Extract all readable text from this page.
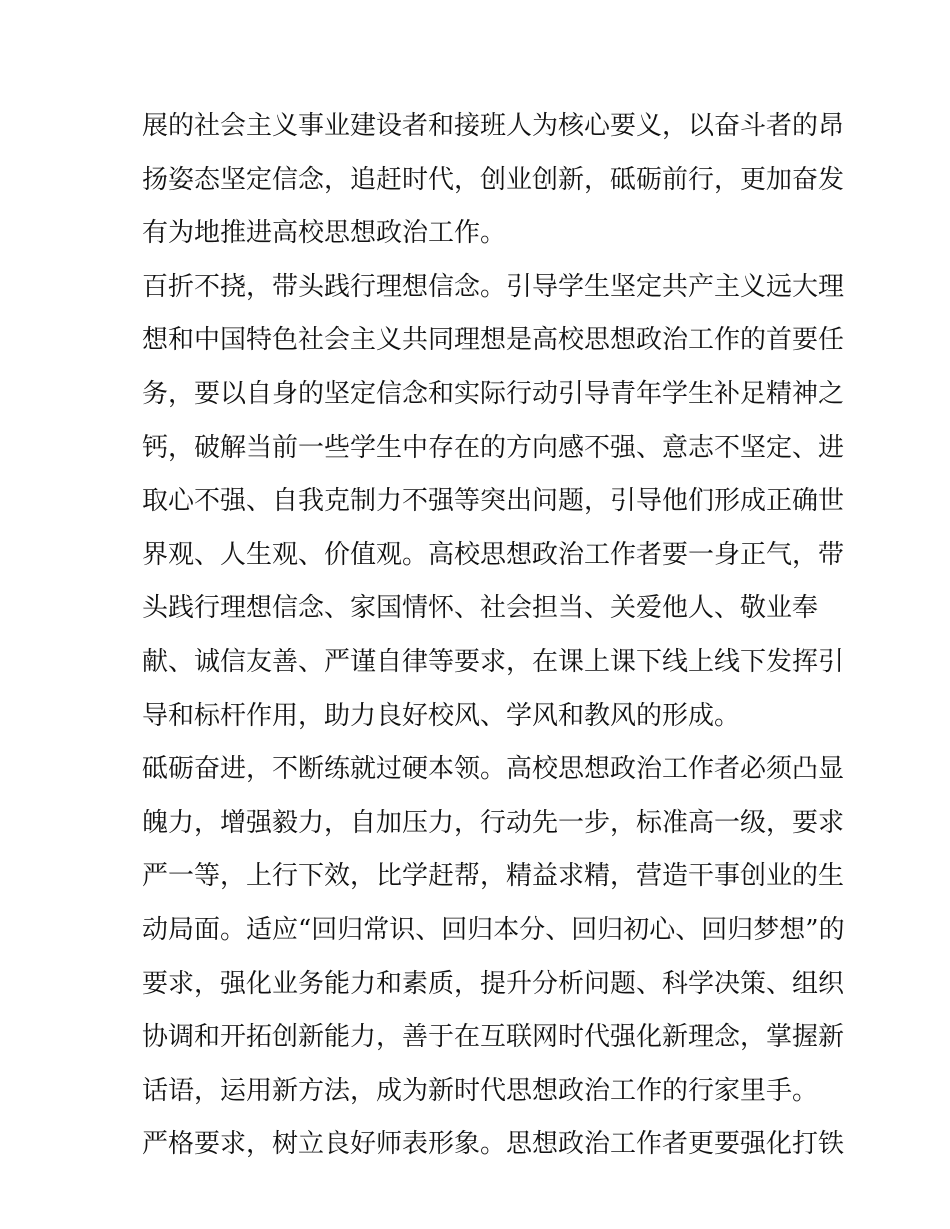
展的社会主义事业建设者和接班人为核心要义，以奋斗者的昂
扬姿态坚定信念，追赶时代，创业创新，砥砺前行，更加奋发
有为地推进高校思想政治工作。
百折不挠，带头践行理想信念。引导学生坚定共产主义远大理
想和中国特色社会主义共同理想是高校思想政治工作的首要任
务，要以自身的坚定信念和实际行动引导青年学生补足精神之
钙，破解当前一些学生中存在的方向感不强、意志不坚定、进
取心不强、自我克制力不强等突出问题，引导他们形成正确世
界观、人生观、价值观。高校思想政治工作者要一身正气，带
头践行理想信念、家国情怀、社会担当、关爱他人、敬业奉
献、诚信友善、严谨自律等要求，在课上课下线上线下发挥引
导和标杆作用，助力良好校风、学风和教风的形成。
砥砺奋进，不断练就过硬本领。高校思想政治工作者必须凸显
魄力，增强毅力，自加压力，行动先一步，标准高一级，要求
严一等，上行下效，比学赶帮，精益求精，营造干事创业的生
动局面。适应“回归常识、回归本分、回归初心、回归梦想”的
要求，强化业务能力和素质，提升分析问题、科学决策、组织
协调和开拓创新能力，善于在互联网时代强化新理念，掌握新
话语，运用新方法，成为新时代思想政治工作的行家里手。
严格要求，树立良好师表形象。思想政治工作者更要强化打铁
